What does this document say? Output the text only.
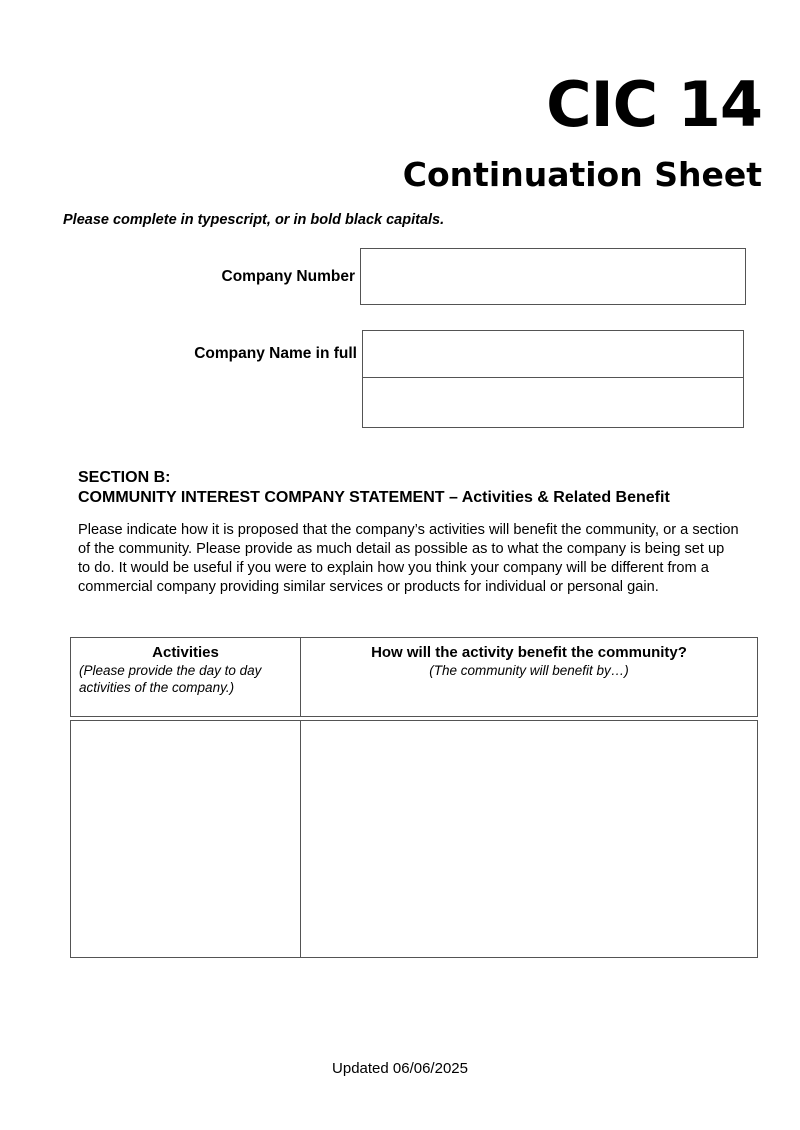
CIC 14
Continuation Sheet
Please complete in typescript, or in bold black capitals.
Company Number
Company Name in full
SECTION B:
COMMUNITY INTEREST COMPANY STATEMENT – Activities & Related Benefit
Please indicate how it is proposed that the company’s activities will benefit the community, or a section of the community. Please provide as much detail as possible as to what the company is being set up to do. It would be useful if you were to explain how you think your company will be different from a commercial company providing similar services or products for individual or personal gain.
Activities
(Please provide the day to day activities of the company.)
How will the activity benefit the community?
(The community will benefit by…)
Updated 06/06/2025
